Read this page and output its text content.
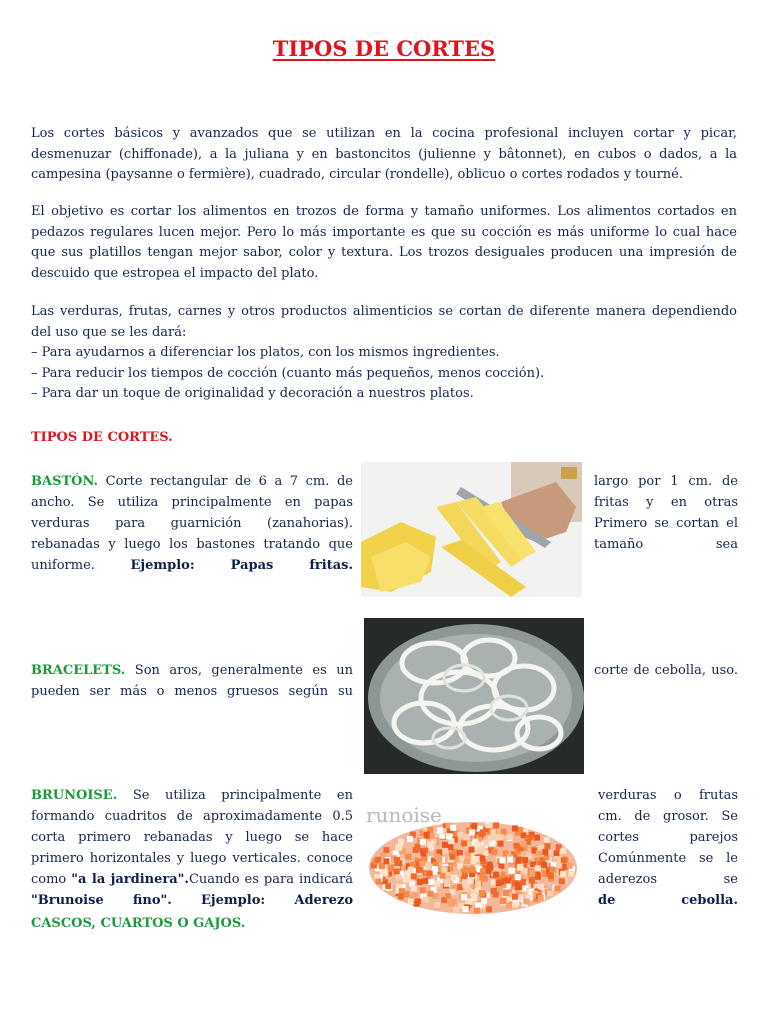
TIPOS DE CORTES
Los cortes básicos y avanzados que se utilizan en la cocina profesional incluyen cortar y picar, desmenuzar (chiffonade), a la juliana y en bastoncitos (julienne y bâtonnet), en cubos o dados, a la campesina (paysanne o fermière), cuadrado, circular (rondelle), oblicuo o cortes rodados y tourné.
El objetivo es cortar los alimentos en trozos de forma y tamaño uniformes. Los alimentos cortados en pedazos regulares lucen mejor. Pero lo más importante es que su cocción es más uniforme lo cual hace que sus platillos tengan mejor sabor, color y textura. Los trozos desiguales producen una impresión de descuido que estropea el impacto del plato.
Las verduras, frutas, carnes y otros productos alimenticios se cortan de diferente manera dependiendo del uso que se les dará:
– Para ayudarnos a diferenciar los platos, con los mismos ingredientes.
– Para reducir los tiempos de cocción (cuanto más pequeños, menos cocción).
– Para dar un toque de originalidad y decoración a nuestros platos.
TIPOS DE CORTES.
BASTÓN. Corte rectangular de 6 a 7 cm. de ancho. Se utiliza principalmente en papas verduras para guarnición (zanahorias). rebanadas y luego los bastones tratando que uniforme. Ejemplo: Papas fritas.
largo por 1 cm. de fritas y en otras Primero se cortan el tamaño sea
BRACELETS. Son aros, generalmente es un pueden ser más o menos gruesos según su
corte de cebolla, uso.
BRUNOISE. Se utiliza principalmente en formando cuadritos de aproximadamente 0.5 corta primero rebanadas y luego se hace primero horizontales y luego verticales. conoce como "a la jardinera".Cuando es para indicará "Brunoise fino". Ejemplo: Aderezo
verduras o frutas cm. de grosor. Se cortes parejos Comúnmente se le aderezos se
de cebolla.
runoise
CASCOS, CUARTOS O GAJOS.
